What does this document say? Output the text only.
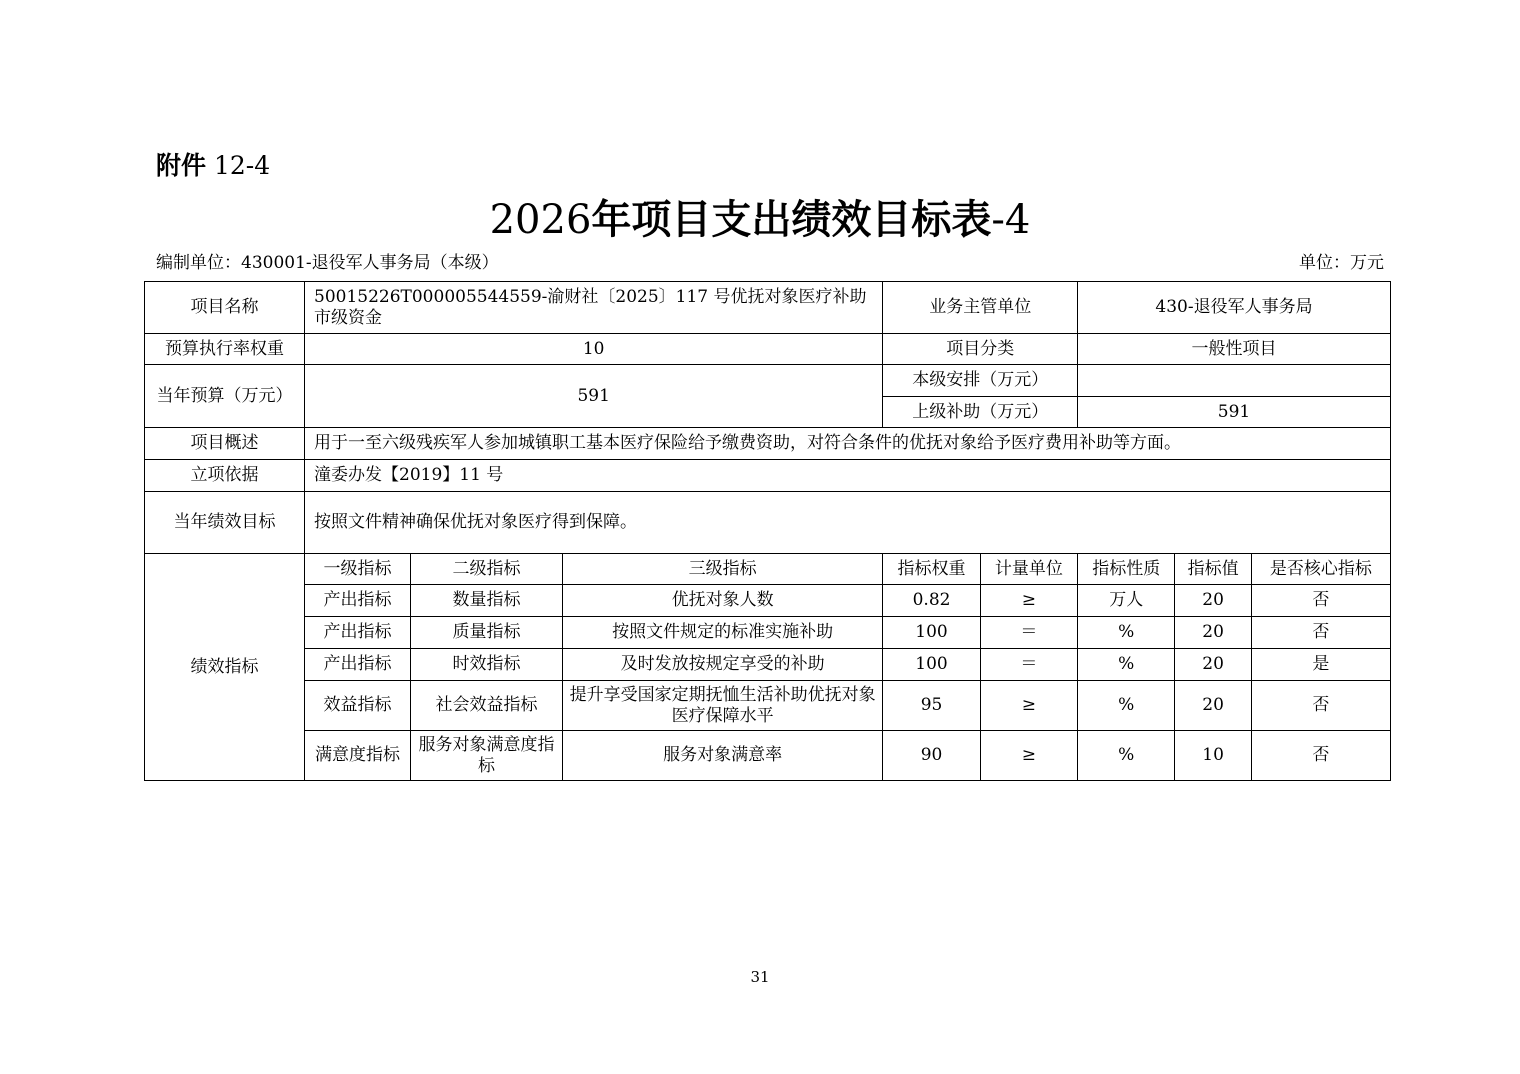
附件 12-4
2026年项目支出绩效目标表-4
编制单位：430001-退役军人事务局（本级）	单位：万元
项目名称	50015226T000005544559-渝财社〔2025〕117 号优抚对象医疗补助市级资金			业务主管单位		430-退役军人事务局		
预算执行率权重	10			项目分类		一般性项目		
当年预算（万元）	591			本级安排（万元）				
				上级补助（万元）		591		
项目概述	用于一至六级残疾军人参加城镇职工基本医疗保险给予缴费资助，对符合条件的优抚对象给予医疗费用补助等方面。							
立项依据	潼委办发【2019】11 号							
当年绩效目标	按照文件精神确保优抚对象医疗得到保障。							
绩效指标	一级指标	二级指标	三级指标	指标权重	计量单位	指标性质	指标值	是否核心指标
	产出指标	数量指标	优抚对象人数	0.82	≥	万人	20	否
	产出指标	质量指标	按照文件规定的标准实施补助	100	＝	%	20	否
	产出指标	时效指标	及时发放按规定享受的补助	100	＝	%	20	是
	效益指标	社会效益指标	提升享受国家定期抚恤生活补助优抚对象医疗保障水平	95	≥	%	20	否
	满意度指标	服务对象满意度指标	服务对象满意率	90	≥	%	10	否
31
